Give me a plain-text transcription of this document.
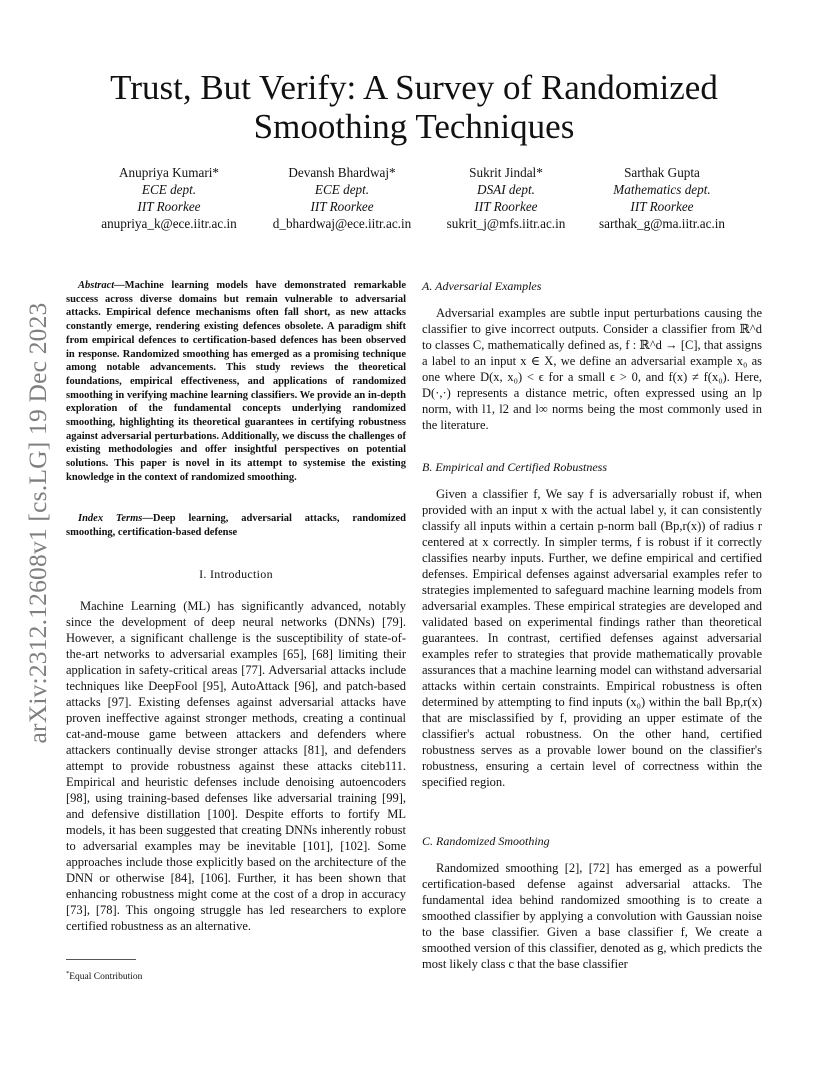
arXiv:2312.12608v1 [cs.LG] 19 Dec 2023
Trust, But Verify: A Survey of Randomized Smoothing Techniques
Anupriya Kumari*
ECE dept.
IIT Roorkee
anupriya_k@ece.iitr.ac.in
Devansh Bhardwaj*
ECE dept.
IIT Roorkee
d_bhardwaj@ece.iitr.ac.in
Sukrit Jindal*
DSAI dept.
IIT Roorkee
sukrit_j@mfs.iitr.ac.in
Sarthak Gupta
Mathematics dept.
IIT Roorkee
sarthak_g@ma.iitr.ac.in

Abstract—Machine learning models have demonstrated remarkable success across diverse domains but remain vulnerable to adversarial attacks. Empirical defence mechanisms often fall short, as new attacks constantly emerge, rendering existing defences obsolete. A paradigm shift from empirical defences to certification-based defences has been observed in response. Randomized smoothing has emerged as a promising technique among notable advancements. This study reviews the theoretical foundations, empirical effectiveness, and applications of randomized smoothing in verifying machine learning classifiers. We provide an in-depth exploration of the fundamental concepts underlying randomized smoothing, highlighting its theoretical guarantees in certifying robustness against adversarial perturbations. Additionally, we discuss the challenges of existing methodologies and offer insightful perspectives on potential solutions. This paper is novel in its attempt to systemise the existing knowledge in the context of randomized smoothing.

Index Terms—Deep learning, adversarial attacks, randomized smoothing, certification-based defense

I. Introduction

Machine Learning (ML) has significantly advanced, notably since the development of deep neural networks (DNNs) [79]. However, a significant challenge is the susceptibility of state-of-the-art networks to adversarial examples [65], [68] limiting their application in safety-critical areas [77]. Adversarial attacks include techniques like DeepFool [95], AutoAttack [96], and patch-based attacks [97]. Existing defenses against adversarial attacks have proven ineffective against stronger methods, creating a continual cat-and-mouse game between attackers and defenders where attackers continually devise stronger attacks [81], and defenders attempt to provide robustness against these attacks citeb111. Empirical and heuristic defenses include denoising autoencoders [98], using training-based defenses like adversarial training [99], and defensive distillation [100]. Despite efforts to fortify ML models, it has been suggested that creating DNNs inherently robust to adversarial examples may be inevitable [101], [102]. Some approaches include those explicitly based on the architecture of the DNN or otherwise [84], [106]. Further, it has been shown that enhancing robustness might come at the cost of a drop in accuracy [73], [78]. This ongoing struggle has led researchers to explore certified robustness as an alternative.

*Equal Contribution
A. Adversarial Examples

Adversarial examples are subtle input perturbations causing the classifier to give incorrect outputs. Consider a classifier from ℝ^d to classes C, mathematically defined as, f : ℝ^d → [C], that assigns a label to an input x ∈ X, we define an adversarial example x₀ as one where D(x, x₀) < ϵ for a small ϵ > 0, and f(x) ≠ f(x₀). Here, D(·,·) represents a distance metric, often expressed using an lp norm, with l1, l2 and l∞ norms being the most commonly used in the literature.

B. Empirical and Certified Robustness

Given a classifier f, We say f is adversarially robust if, when provided with an input x with the actual label y, it can consistently classify all inputs within a certain p-norm ball (Bp,r(x)) of radius r centered at x correctly. In simpler terms, f is robust if it correctly classifies nearby inputs. Further, we define empirical and certified defenses. Empirical defenses against adversarial examples refer to strategies implemented to safeguard machine learning models from adversarial examples. These empirical strategies are developed and validated based on experimental findings rather than theoretical guarantees. In contrast, certified defenses against adversarial examples refer to strategies that provide mathematically provable assurances that a machine learning model can withstand adversarial attacks within certain constraints. Empirical robustness is often determined by attempting to find inputs (x₀) within the ball Bp,r(x) that are misclassified by f, providing an upper estimate of the classifier's actual robustness. On the other hand, certified robustness serves as a provable lower bound on the classifier's robustness, ensuring a certain level of correctness within the specified region.

C. Randomized Smoothing

Randomized smoothing [2], [72] has emerged as a powerful certification-based defense against adversarial attacks. The fundamental idea behind randomized smoothing is to create a smoothed classifier by applying a convolution with Gaussian noise to the base classifier. Given a base classifier f, We create a smoothed version of this classifier, denoted as g, which predicts the most likely class c that the base classifier
